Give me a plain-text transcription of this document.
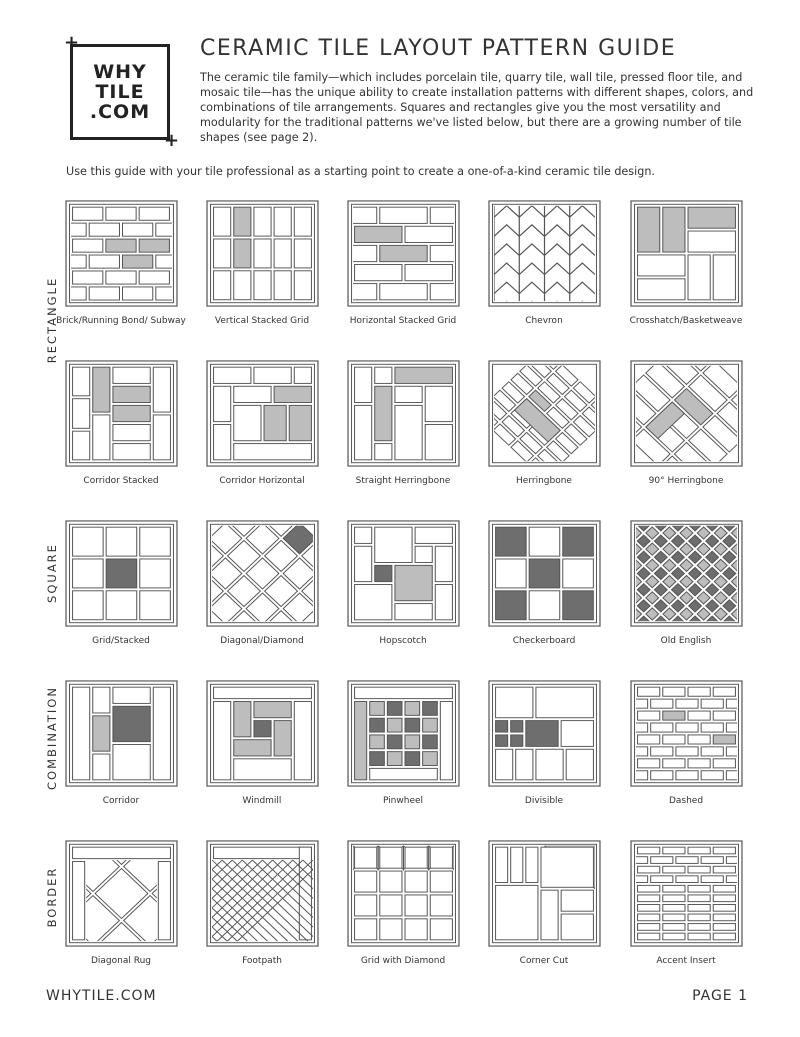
+
+
WHY
TILE
.COM
CERAMIC TILE LAYOUT PATTERN GUIDE
The ceramic tile family—which includes porcelain tile, quarry tile, wall tile, pressed floor tile, and mosaic tile—has the unique ability to create installation patterns with different shapes, colors, and combinations of tile arrangements. Squares and rectangles give you the most versatility and modularity for the traditional patterns we've listed below, but there are a growing number of tile shapes (see page 2).
Use this guide with your tile professional as a starting point to create a one-of-a-kind ceramic tile design.
RECTANGLE
SQUARE
COMBINATION
BORDER
Brick/Running Bond/ Subway	Vertical Stacked Grid	Horizontal Stacked Grid	Chevron	Crosshatch/Basketweave
Corridor Stacked	Corridor Horizontal	Straight Herringbone	Herringbone	90° Herringbone
Grid/Stacked	Diagonal/Diamond	Hopscotch	Checkerboard	Old English
Corridor	Windmill	Pinwheel	Divisible	Dashed
Diagonal Rug	Footpath	Grid with Diamond	Corner Cut	Accent Insert
WHYTILE.COM	PAGE 1
